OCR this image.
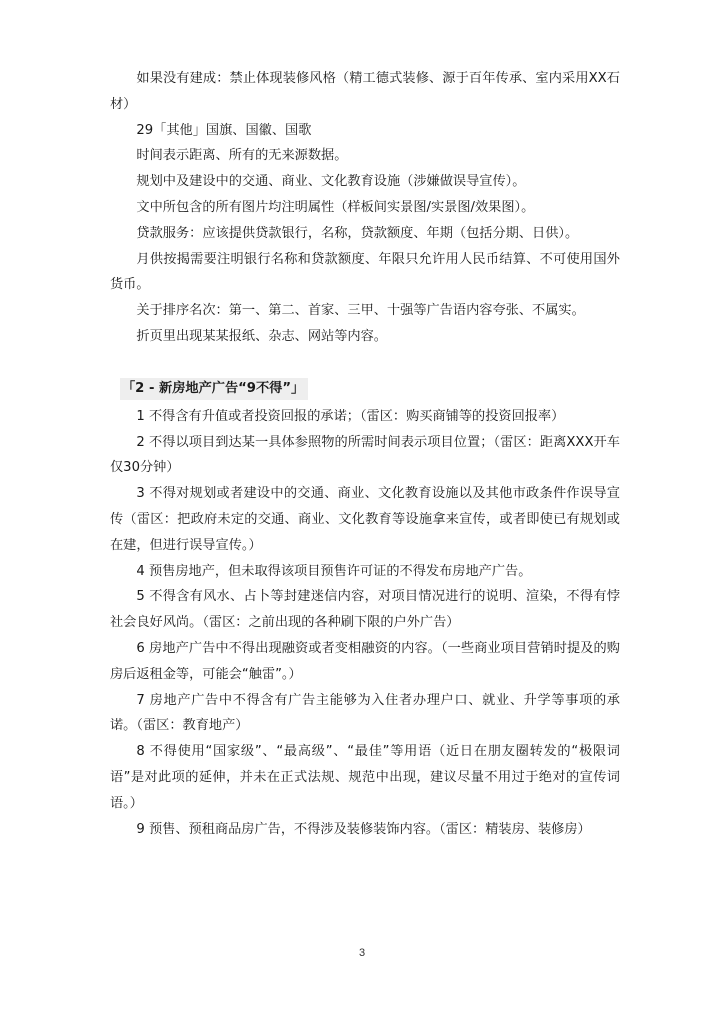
如果没有建成：禁止体现装修风格（精工德式装修、源于百年传承、室内采用XX石材）

29「其他」国旗、国徽、国歌

时间表示距离、所有的无来源数据。

规划中及建设中的交通、商业、文化教育设施（涉嫌做误导宣传）。

文中所包含的所有图片均注明属性（样板间实景图/实景图/效果图）。

贷款服务：应该提供贷款银行，名称，贷款额度、年期（包括分期、日供）。

月供按揭需要注明银行名称和贷款额度、年限只允许用人民币结算、不可使用国外货币。

关于排序名次：第一、第二、首家、三甲、十强等广告语内容夸张、不属实。

折页里出现某某报纸、杂志、网站等内容。

「2 - 新房地产广告“9不得”」

1 不得含有升值或者投资回报的承诺；（雷区：购买商铺等的投资回报率）

2 不得以项目到达某一具体参照物的所需时间表示项目位置；（雷区：距离XXX开车仅30分钟）

3 不得对规划或者建设中的交通、商业、文化教育设施以及其他市政条件作误导宣传（雷区：把政府未定的交通、商业、文化教育等设施拿来宣传，或者即使已有规划或在建，但进行误导宣传。）

4 预售房地产，但未取得该项目预售许可证的不得发布房地产广告。

5 不得含有风水、占卜等封建迷信内容，对项目情况进行的说明、渲染，不得有悖社会良好风尚。（雷区：之前出现的各种刷下限的户外广告）

6 房地产广告中不得出现融资或者变相融资的内容。（一些商业项目营销时提及的购房后返租金等，可能会“触雷”。）

7 房地产广告中不得含有广告主能够为入住者办理户口、就业、升学等事项的承诺。（雷区：教育地产）

8 不得使用“国家级”、“最高级”、“最佳”等用语（近日在朋友圈转发的“极限词语”是对此项的延伸，并未在正式法规、规范中出现，建议尽量不用过于绝对的宣传词语。）

9 预售、预租商品房广告，不得涉及装修装饰内容。（雷区：精装房、装修房）

3
